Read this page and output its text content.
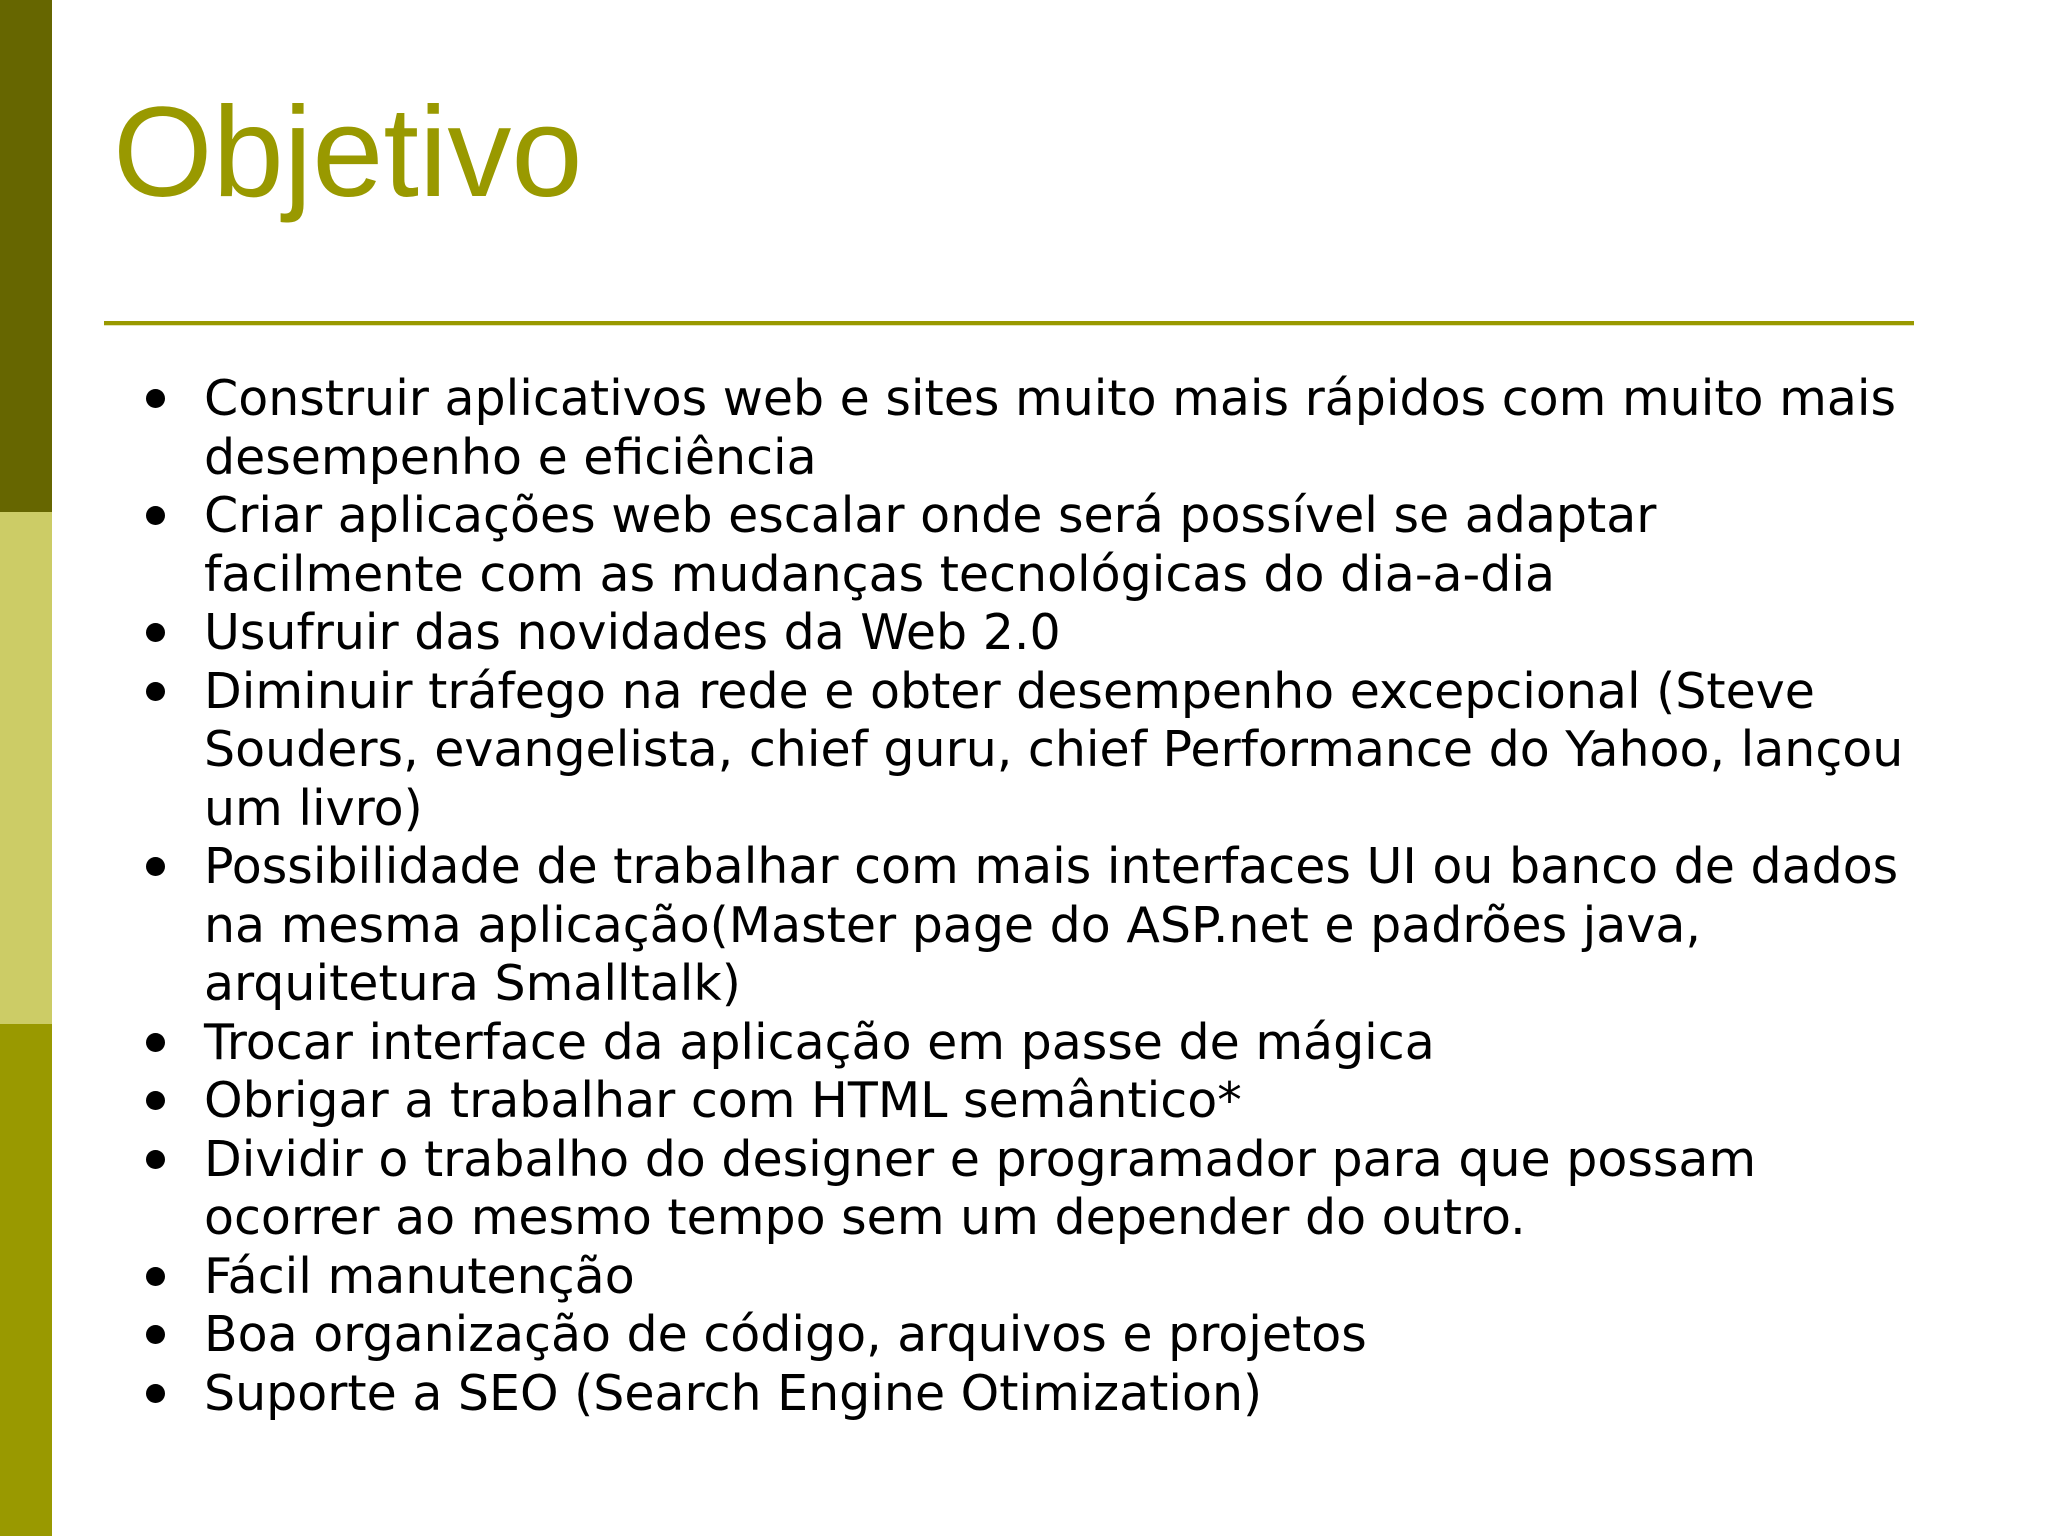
Objetivo
Construir aplicativos web e sites muito mais rápidos com muito mais desempenho e eficiência
Criar aplicações web escalar onde será possível se adaptar facilmente com as mudanças tecnológicas do dia-a-dia
Usufruir das novidades da Web 2.0
Diminuir tráfego na rede e obter desempenho excepcional (Steve Souders, evangelista, chief guru, chief Performance do Yahoo, lançou um livro)
Possibilidade de trabalhar com mais interfaces UI ou banco de dados na mesma aplicação(Master page do ASP.net e padrões java, arquitetura Smalltalk)
Trocar interface da aplicação em passe de mágica
Obrigar a trabalhar com HTML semântico*
Dividir o trabalho do designer e programador para que possam ocorrer ao mesmo tempo sem um depender do outro.
Fácil manutenção
Boa organização de código, arquivos e projetos
Suporte a SEO (Search Engine Otimization)
